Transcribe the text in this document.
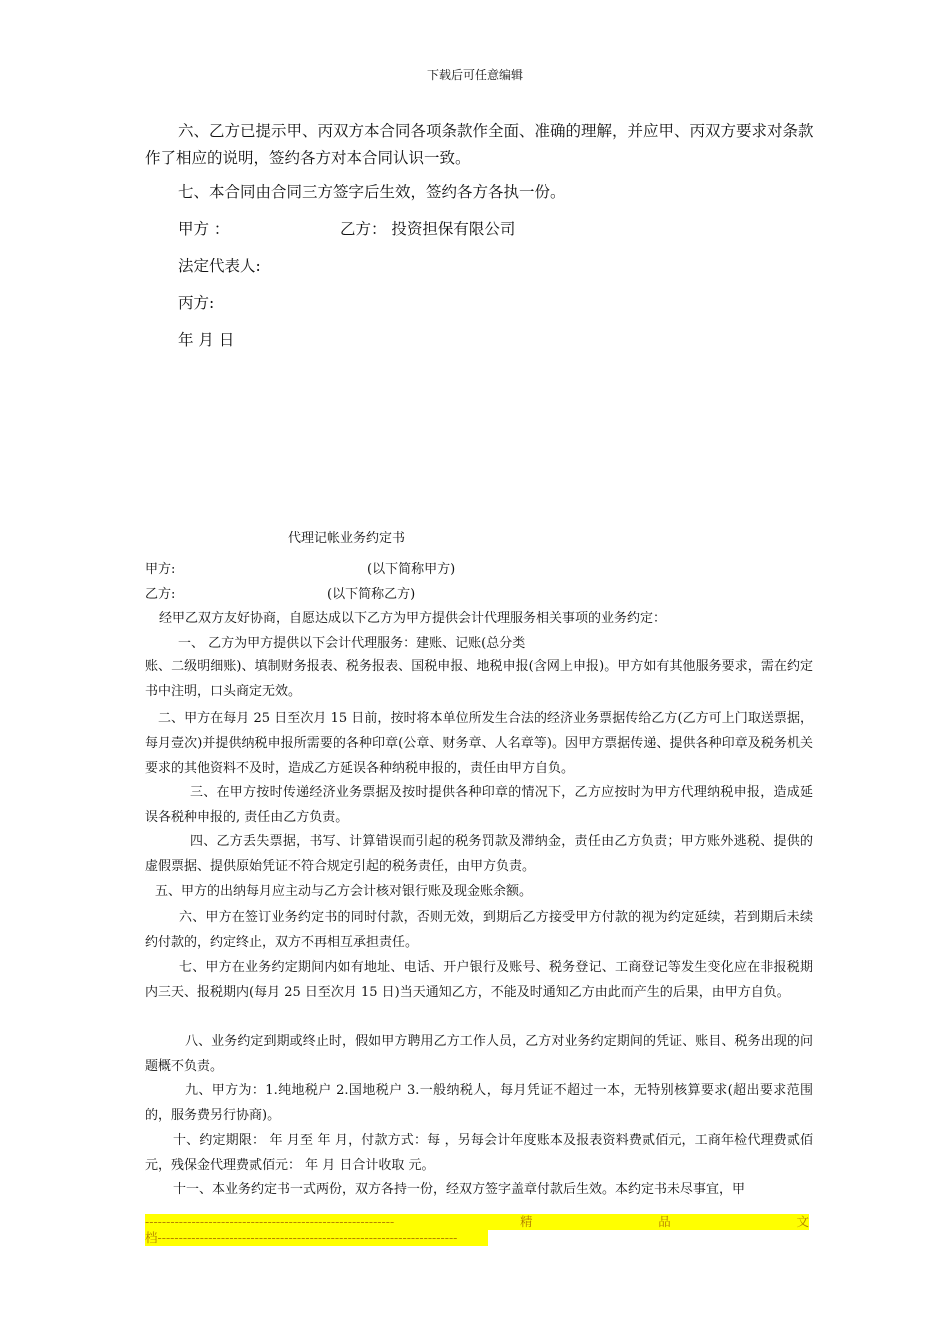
下载后可任意编辑
六、乙方已提示甲、丙双方本合同各项条款作全面、准确的理解，并应甲、丙双方要求对条款作了相应的说明，签约各方对本合同认识一致。
七、本合同由合同三方签字后生效，签约各方各执一份。
甲方 ：	乙方： 投资担保有限公司
法定代表人:
丙方:
年 月 日
代理记帐业务约定书
甲方:	(以下简称甲方)
乙方:	(以下简称乙方)
经甲乙双方友好协商，自愿达成以下乙方为甲方提供会计代理服务相关事项的业务约定：
一、 乙方为甲方提供以下会计代理服务：建账、记账(总分类
账、二级明细账)、填制财务报表、税务报表、国税申报、地税申报(含网上申报)。甲方如有其他服务要求，需在约定书中注明，口头商定无效。
二、甲方在每月 25 日至次月 15 日前，按时将本单位所发生合法的经济业务票据传给乙方(乙方可上门取送票据，每月壹次)并提供纳税申报所需要的各种印章(公章、财务章、人名章等)。因甲方票据传递、提供各种印章及税务机关要求的其他资料不及时，造成乙方延误各种纳税申报的，责任由甲方自负。
三、在甲方按时传递经济业务票据及按时提供各种印章的情况下，乙方应按时为甲方代理纳税申报，造成延误各税种申报的, 责任由乙方负责。
四、乙方丢失票据，书写、计算错误而引起的税务罚款及滞纳金，责任由乙方负责；甲方账外逃税、提供的虚假票据、提供原始凭证不符合规定引起的税务责任，由甲方负责。
五、甲方的出纳每月应主动与乙方会计核对银行账及现金账余额。
六、甲方在签订业务约定书的同时付款，否则无效，到期后乙方接受甲方付款的视为约定延续，若到期后未续约付款的，约定终止，双方不再相互承担责任。
七、甲方在业务约定期间内如有地址、电话、开户银行及账号、税务登记、工商登记等发生变化应在非报税期内三天、报税期内(每月 25 日至次月 15 日)当天通知乙方，不能及时通知乙方由此而产生的后果，由甲方自负。
八、业务约定到期或终止时，假如甲方聘用乙方工作人员，乙方对业务约定期间的凭证、账目、税务出现的问题概不负责。
九、甲方为：1.纯地税户 2.国地税户 3.一般纳税人，每月凭证不超过一本，无特别核算要求(超出要求范围的，服务费另行协商)。
十、约定期限： 年 月至 年 月，付款方式：每 ，另每会计年度账本及报表资料费贰佰元，工商年检代理费贰佰元，残保金代理费贰佰元： 年 月 日合计收取 元。
十一、本业务约定书一式两份，双方各持一份，经双方签字盖章付款后生效。本约定书未尽事宜，甲
-----------------------------------------------------------	精	品	文
档-----------------------------------------------------------------------
